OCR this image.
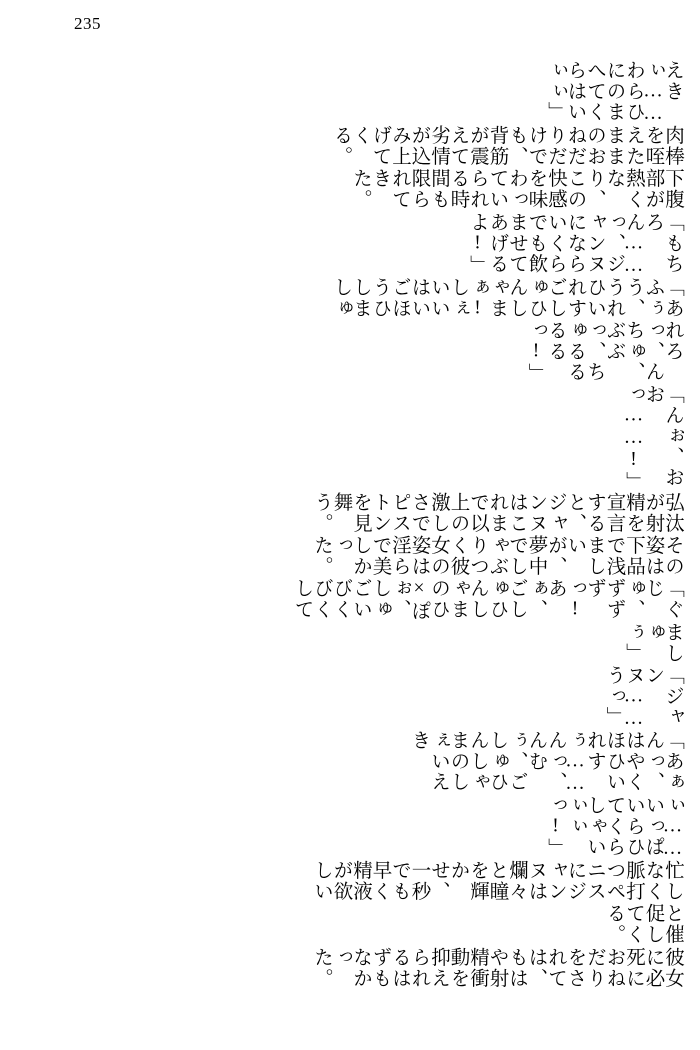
235
えきぃ……わらひにのまへてくらはいぃぃ」
肉棒を咥えたままのおねだりだけでも、背筋が震えて劣情が込み上げてくる。
下腹部が熱くなり、この快感を味わっていられる時間も限られてきた。
「もちろん……っ、ジャンヌにならいくらでも飲ませてあげるよ!」
「あふぅう、うれひいれすごしゅひんしゃまぁ! しぇいいはいごほうひしましゅ
れろっ、んちゅ、ぶぶっ、ちゅるるるるっ!」
「んぉ、おおっ……!」
弘汰が射精を宣言すると、ジャンヌはこれまで以上の激しさでピストンを見舞う。
その姿は下品で浅ましいが、夢中でしゃぶりつく彼女の姿は淫らで美しかった。
「ぐじゅ、ずずずっ! あぁ、ごしゅひんしゃまのひ×ぽぉ、しゅごいびくびくして
ましゅぅ」
「ジャンヌ……うっ」
「あぁんっ、はやくほひいれすぅ……んっ、んむぅ、ごしゅひんしゃまのしぇいえき
ぃ……いっぱいらひてくらしゃいぃぃっ!」
忙しなく脈打つペニスにジャンヌは爛々と瞳を輝かせ、一秒でも早く精液が欲しい
と催促してくる。
彼女に必死におねだりをされては、もはや射精衝動を抑えられるはずもなかった。
